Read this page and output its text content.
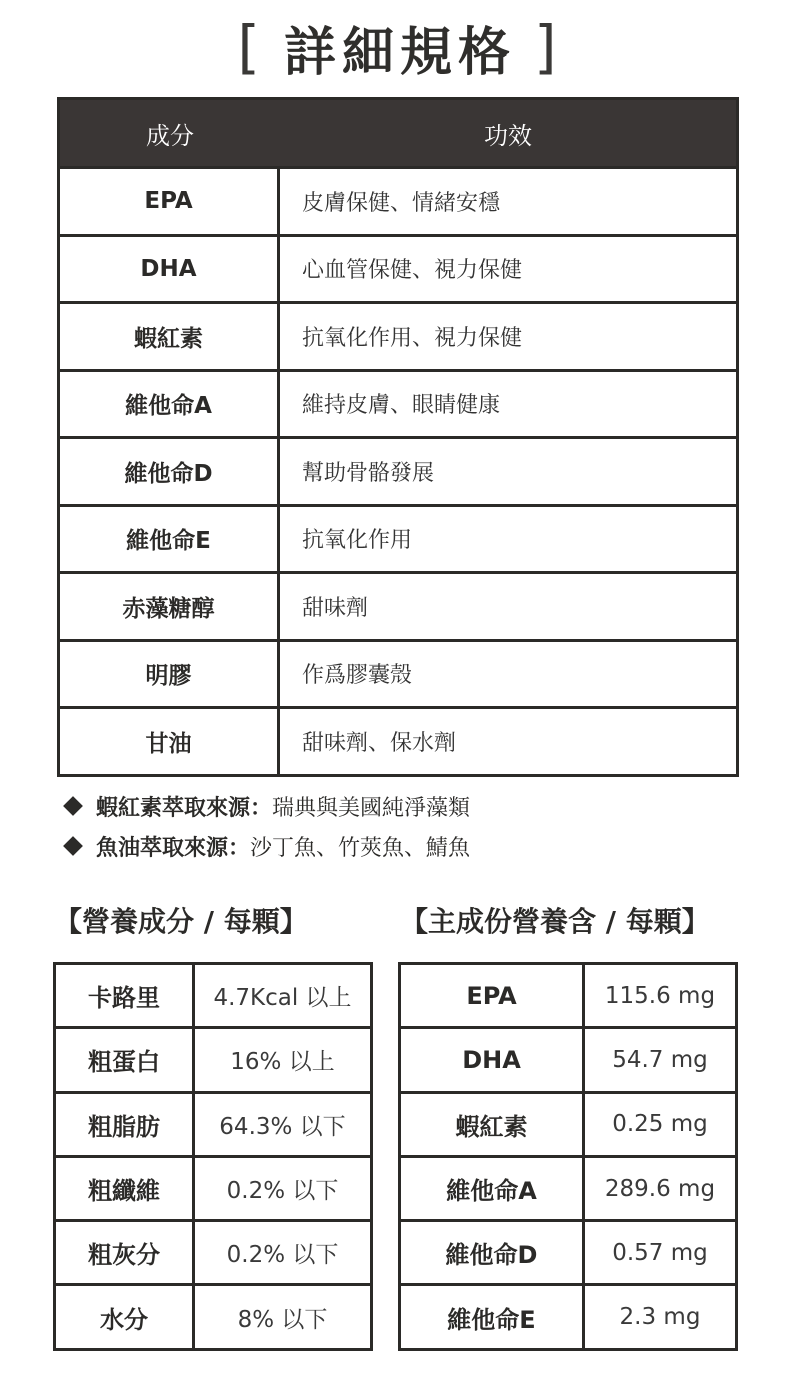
[ 詳細規格 ]
成分	功效
EPA	皮膚保健、情緒安穩
DHA	心血管保健、視力保健
蝦紅素	抗氧化作用、視力保健
維他命A	維持皮膚、眼睛健康
維他命D	幫助骨骼發展
維他命E	抗氧化作用
赤藻糖醇	甜味劑
明膠	作爲膠囊殼
甘油	甜味劑、保水劑
蝦紅素萃取來源： 瑞典與美國純淨藻類
魚油萃取來源： 沙丁魚、竹莢魚、鯖魚
【營養成分 / 每顆】	【主成份營養含 / 每顆】
卡路里	4.7Kcal 以上
粗蛋白	16% 以上
粗脂肪	64.3% 以下
粗纖維	0.2% 以下
粗灰分	0.2% 以下
水分	8% 以下
EPA	115.6 mg
DHA	54.7 mg
蝦紅素	0.25 mg
維他命A	289.6 mg
維他命D	0.57 mg
維他命E	2.3 mg
